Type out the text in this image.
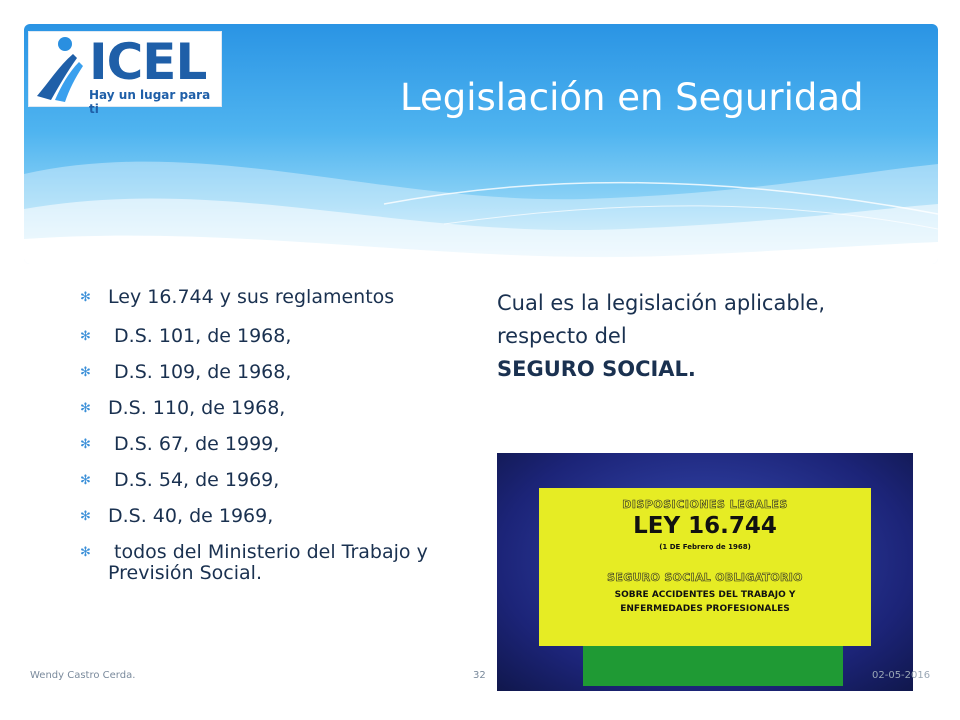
ICEL
Hay un lugar para ti	Legislación en Seguridad
✻ Ley 16.744 y sus reglamentos
✻ D.S. 101, de 1968,
✻ D.S. 109, de 1968,
✻ D.S. 110, de 1968,
✻ D.S. 67, de 1999,
✻ D.S. 54, de 1969,
✻ D.S. 40, de 1969,
✻ todos del Ministerio del Trabajo y Previsión Social.
Cual es la legislación aplicable, respecto del
SEGURO SOCIAL.
DISPOSICIONES LEGALES
LEY 16.744
(1 DE Febrero de 1968)
SEGURO SOCIAL OBLIGATORIO
SOBRE ACCIDENTES DEL TRABAJO Y
ENFERMEDADES PROFESIONALES
Wendy Castro Cerda.	32	02-05-2016
